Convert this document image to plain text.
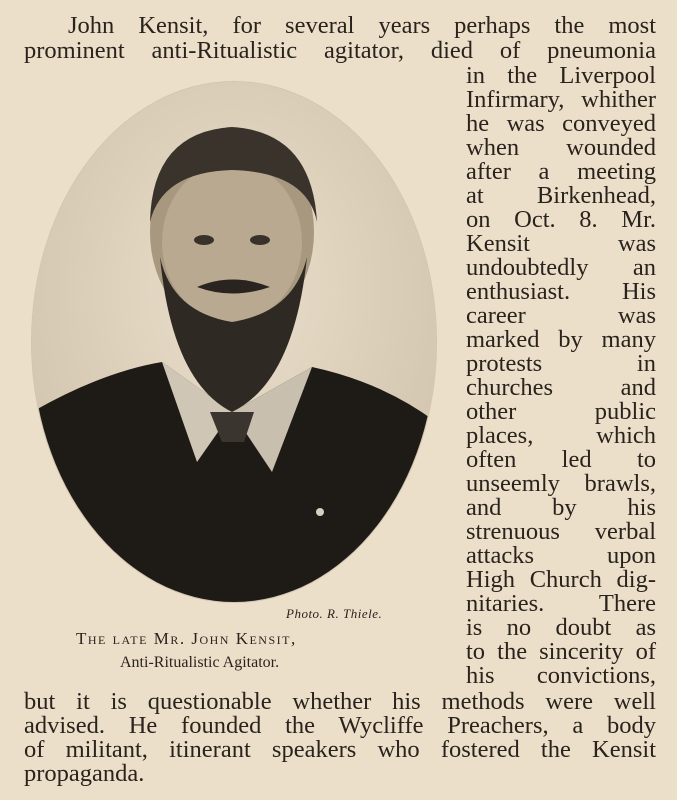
John Kensit, for several years perhaps the most
prominent anti-Ritualistic agitator, died of pneumonia
in the Liverpool
Infirmary, whither
he was conveyed
when wounded
after a meeting
at Birkenhead,
on Oct. 8. Mr.
Kensit was
undoubtedly an
enthusiast. His
career was
marked by many
protests in
churches and
other public
places, which
often led to
unseemly brawls,
and by his
strenuous verbal
attacks upon
High Church dig-
nitaries. There
is no doubt as
to the sincerity of
his convictions,
but it is questionable whether his methods were well
advised. He founded the Wycliffe Preachers, a body
of militant, itinerant speakers who fostered the Kensit
propaganda.
Photo. R. Thiele.
The late Mr. John Kensit,
Anti-Ritualistic Agitator.
